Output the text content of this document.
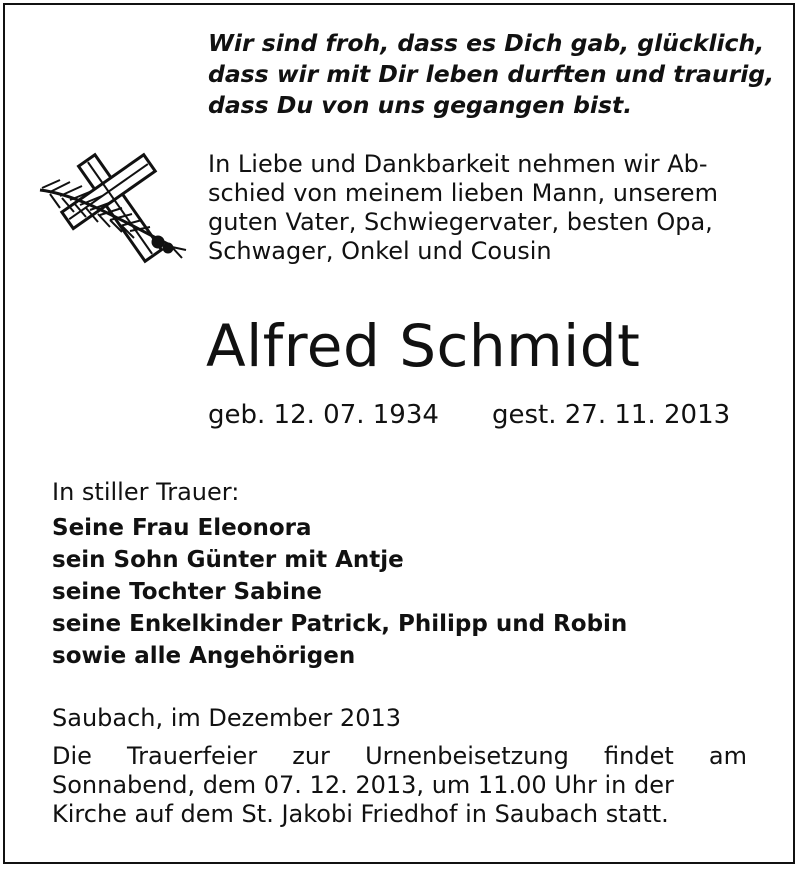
Wir sind froh, dass es Dich gab, glücklich,
dass wir mit Dir leben durften und traurig,
dass Du von uns gegangen bist.
In Liebe und Dankbarkeit nehmen wir Ab-
schied von meinem lieben Mann, unserem
guten Vater, Schwiegervater, besten Opa,
Schwager, Onkel und Cousin
Alfred Schmidt
geb. 12. 07. 1934 gest. 27. 11. 2013
In stiller Trauer:
Seine Frau Eleonora
sein Sohn Günter mit Antje
seine Tochter Sabine
seine Enkelkinder Patrick, Philipp und Robin
sowie alle Angehörigen
Saubach, im Dezember 2013
Die Trauerfeier zur Urnenbeisetzung findet am
Sonnabend, dem 07. 12. 2013, um 11.00 Uhr in der
Kirche auf dem St. Jakobi Friedhof in Saubach statt.
